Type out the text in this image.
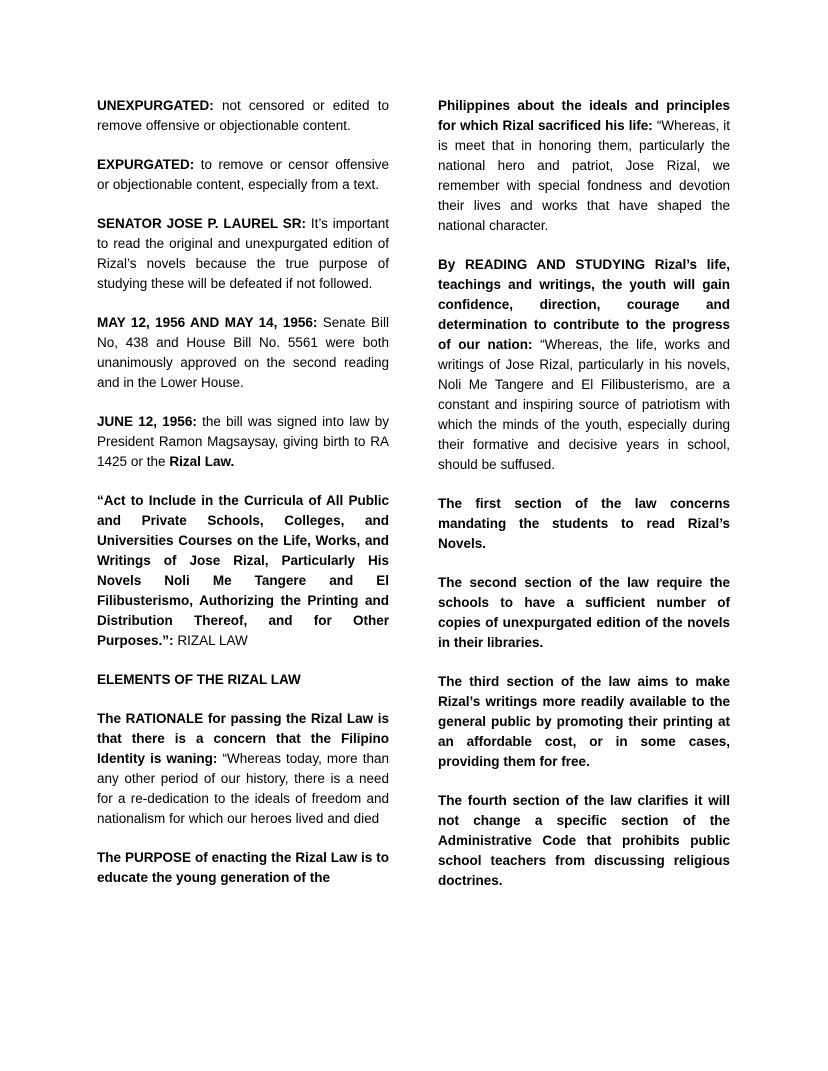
UNEXPURGATED: not censored or edited to remove offensive or objectionable content.

EXPURGATED: to remove or censor offensive or objectionable content, especially from a text.

SENATOR JOSE P. LAUREL SR: It’s important to read the original and unexpurgated edition of Rizal’s novels because the true purpose of studying these will be defeated if not followed.

MAY 12, 1956 AND MAY 14, 1956: Senate Bill No, 438 and House Bill No. 5561 were both unanimously approved on the second reading and in the Lower House.

JUNE 12, 1956: the bill was signed into law by President Ramon Magsaysay, giving birth to RA 1425 or the Rizal Law.

“Act to Include in the Curricula of All Public and Private Schools, Colleges, and Universities Courses on the Life, Works, and Writings of Jose Rizal, Particularly His Novels Noli Me Tangere and El Filibusterismo, Authorizing the Printing and Distribution Thereof, and for Other Purposes.”: RIZAL LAW

ELEMENTS OF THE RIZAL LAW

The RATIONALE for passing the Rizal Law is that there is a concern that the Filipino Identity is waning: “Whereas today, more than any other period of our history, there is a need for a re-dedication to the ideals of freedom and nationalism for which our heroes lived and died

The PURPOSE of enacting the Rizal Law is to educate the young generation of the

Philippines about the ideals and principles for which Rizal sacrificed his life: “Whereas, it is meet that in honoring them, particularly the national hero and patriot, Jose Rizal, we remember with special fondness and devotion their lives and works that have shaped the national character.

By READING AND STUDYING Rizal’s life, teachings and writings, the youth will gain confidence, direction, courage and determination to contribute to the progress of our nation: “Whereas, the life, works and writings of Jose Rizal, particularly in his novels, Noli Me Tangere and El Filibusterismo, are a constant and inspiring source of patriotism with which the minds of the youth, especially during their formative and decisive years in school, should be suffused.

The first section of the law concerns mandating the students to read Rizal’s Novels.

The second section of the law require the schools to have a sufficient number of copies of unexpurgated edition of the novels in their libraries.

The third section of the law aims to make Rizal’s writings more readily available to the general public by promoting their printing at an affordable cost, or in some cases, providing them for free.

The fourth section of the law clarifies it will not change a specific section of the Administrative Code that prohibits public school teachers from discussing religious doctrines.
